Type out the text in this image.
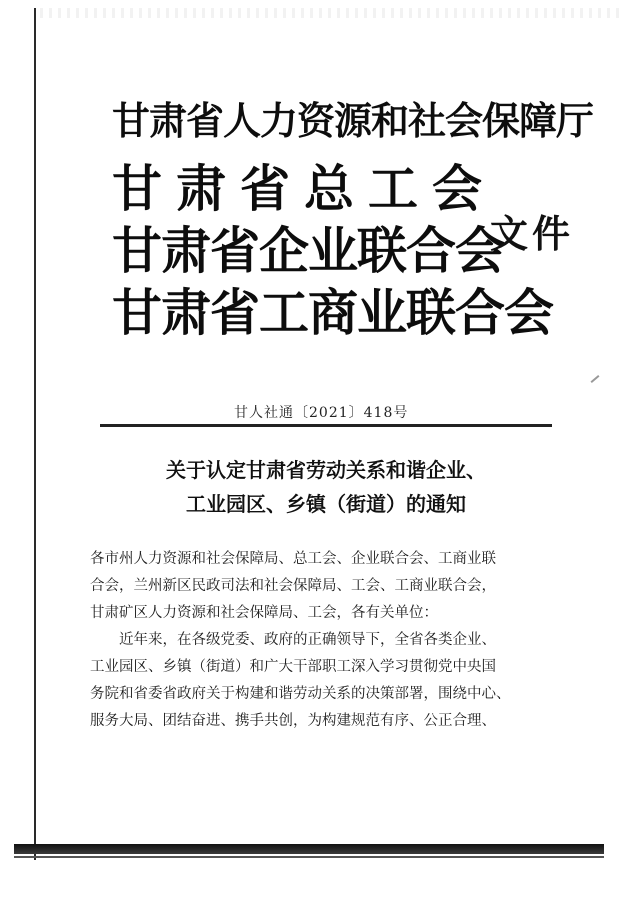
甘肃省人力资源和社会保障厅
甘肃省总工会
甘肃省企业联合会
甘肃省工商业联合会
文件
甘人社通〔2021〕418号
关于认定甘肃省劳动关系和谐企业、
工业园区、乡镇（街道）的通知
各市州人力资源和社会保障局、总工会、企业联合会、工商业联
合会，兰州新区民政司法和社会保障局、工会、工商业联合会，
甘肃矿区人力资源和社会保障局、工会，各有关单位：
　　近年来，在各级党委、政府的正确领导下，全省各类企业、
工业园区、乡镇（街道）和广大干部职工深入学习贯彻党中央国
务院和省委省政府关于构建和谐劳动关系的决策部署，围绕中心、
服务大局、团结奋进、携手共创，为构建规范有序、公正合理、
